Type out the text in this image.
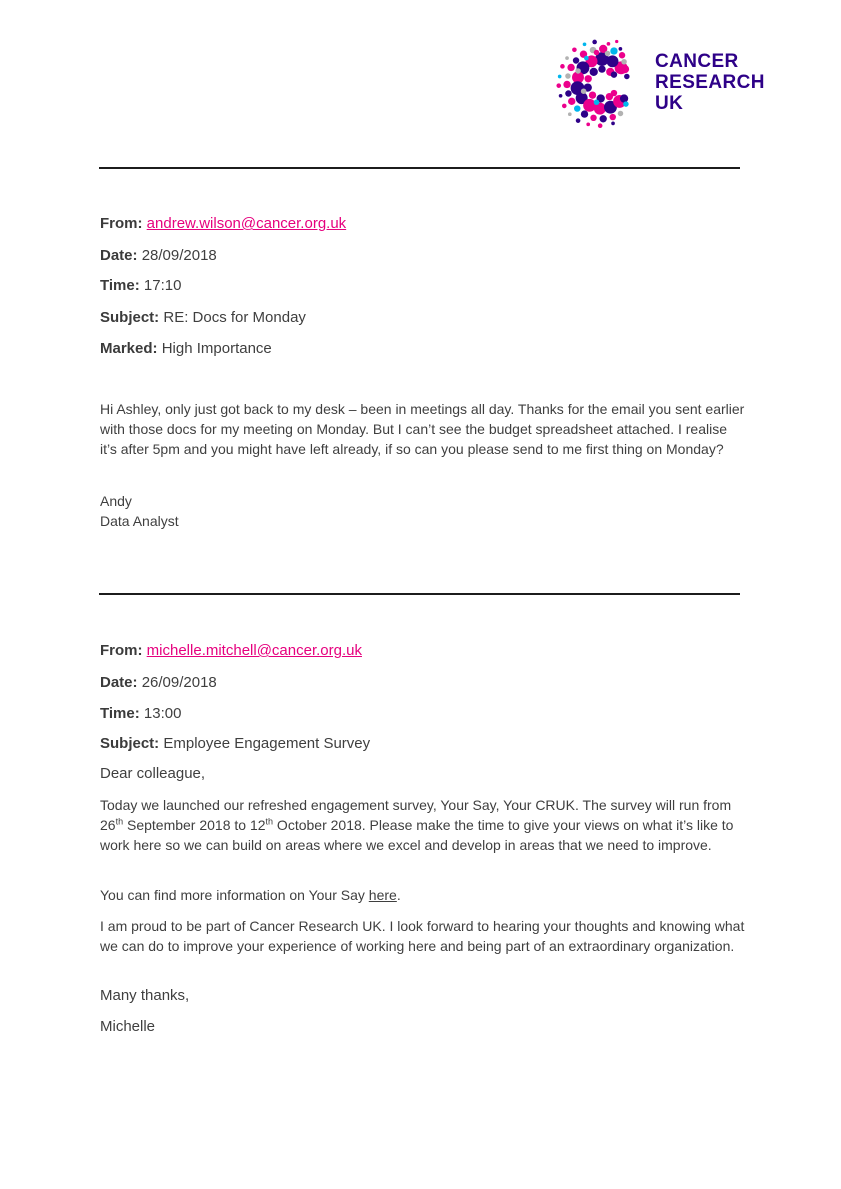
CANCER
RESEARCH
UK
From: andrew.wilson@cancer.org.uk
Date: 28/09/2018
Time: 17:10
Subject: RE: Docs for Monday
Marked: High Importance
Hi Ashley, only just got back to my desk – been in meetings all day. Thanks for the email you sent earlier with those docs for my meeting on Monday. But I can’t see the budget spreadsheet attached. I realise it’s after 5pm and you might have left already, if so can you please send to me first thing on Monday?
Andy
Data Analyst
From: michelle.mitchell@cancer.org.uk
Date: 26/09/2018
Time: 13:00
Subject: Employee Engagement Survey
Dear colleague,
Today we launched our refreshed engagement survey, Your Say, Your CRUK. The survey will run from 26th September 2018 to 12th October 2018. Please make the time to give your views on what it’s like to work here so we can build on areas where we excel and develop in areas that we need to improve.
You can find more information on Your Say here.
I am proud to be part of Cancer Research UK. I look forward to hearing your thoughts and knowing what we can do to improve your experience of working here and being part of an extraordinary organization.
Many thanks,
Michelle
